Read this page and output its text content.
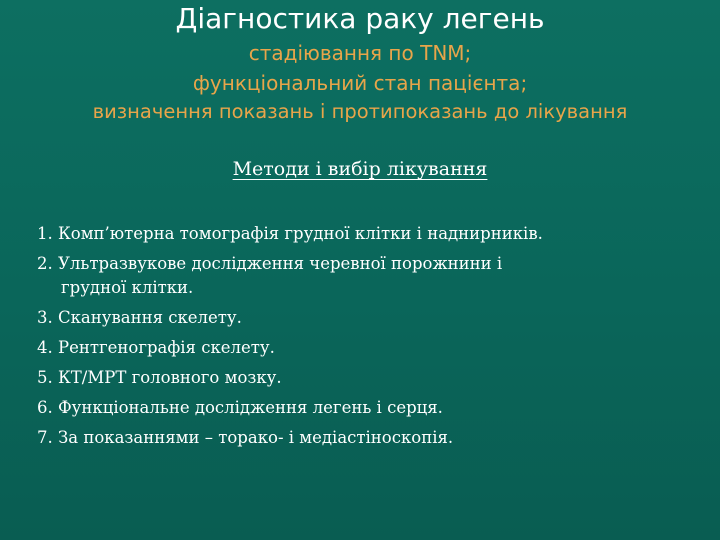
Діагностика раку легень
стадіювання по TNM;
функціональний стан пацієнта;
визначення показань і протипоказань до лікування
Методи і вибір лікування
1. Комп’ютерна томографія грудної клітки і наднирників.
2. Ультразвукове дослідження черевної порожнини і
грудної клітки.
3. Сканування скелету.
4. Рентгенографія скелету.
5. КТ/МРТ головного мозку.
6. Функціональне дослідження легень і серця.
7. За показаннями – торако- і медіастіноскопія.
